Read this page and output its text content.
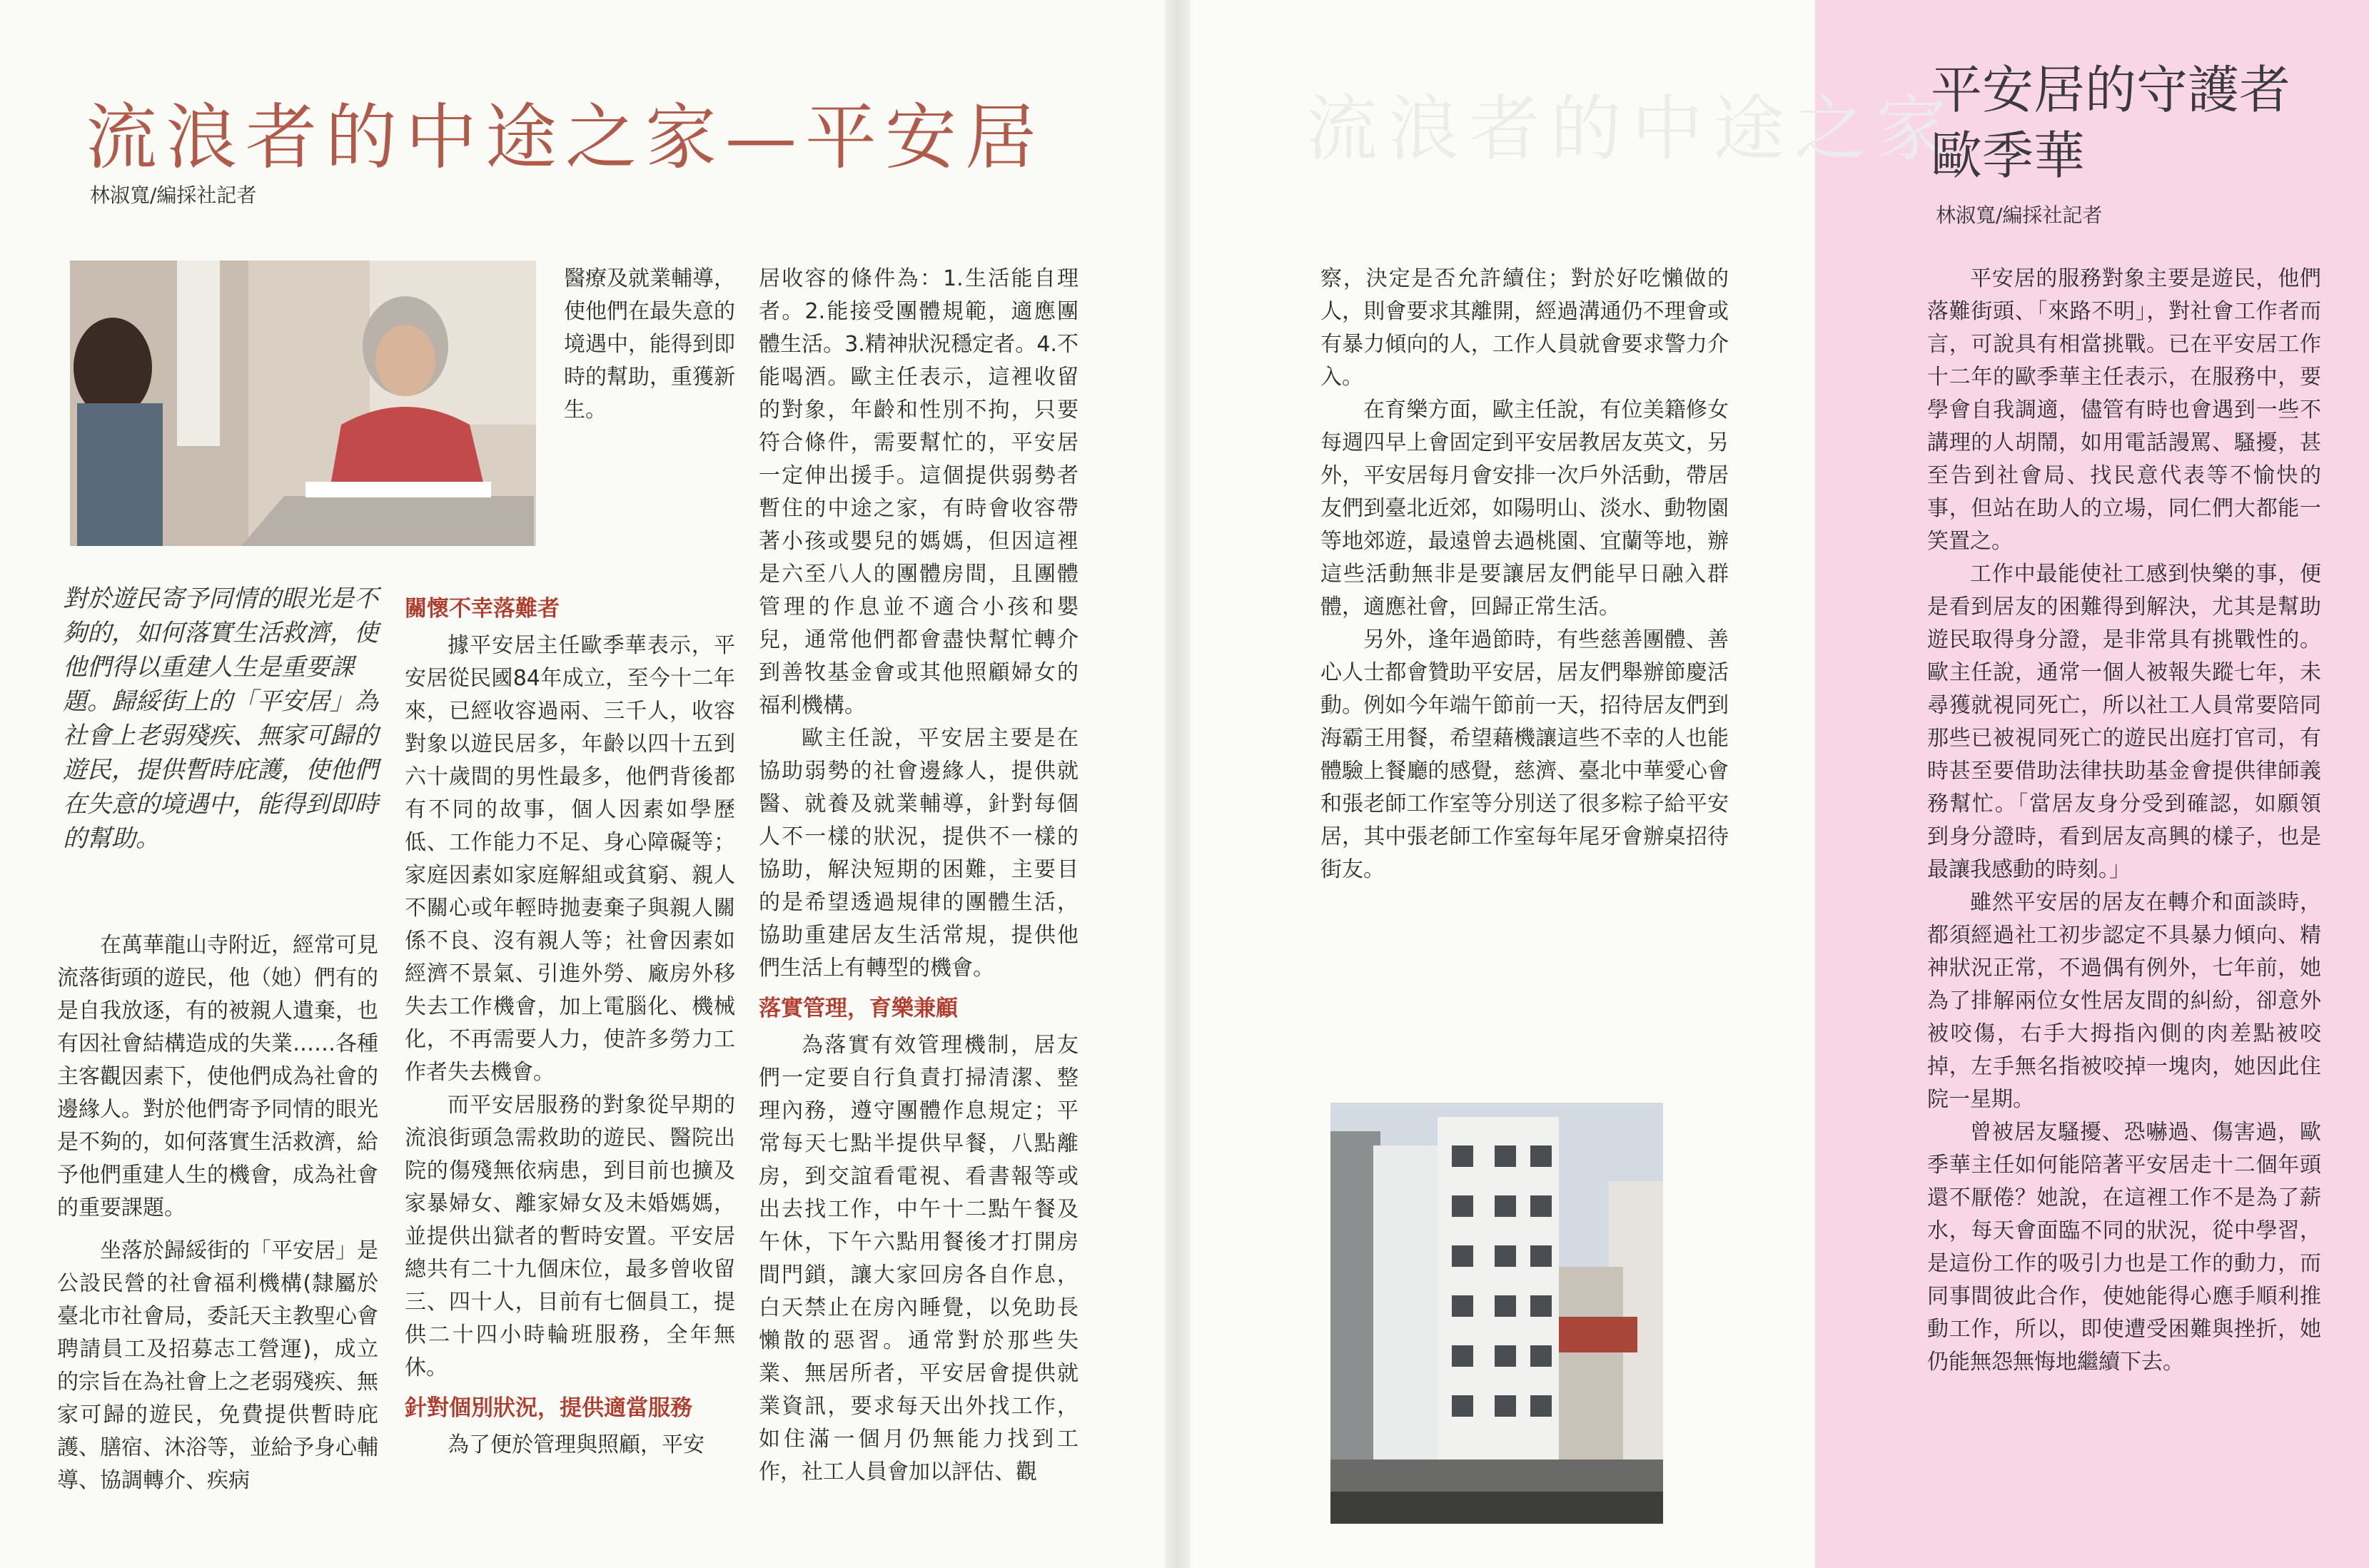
流浪者的中途之家—平安居
林淑寬/編採社記者
對於遊民寄予同情的眼光是不夠的，如何落實生活救濟，使他們得以重建人生是重要課題。歸綏街上的「平安居」為社會上老弱殘疾、無家可歸的遊民，提供暫時庇護，使他們在失意的境遇中，能得到即時的幫助。

在萬華龍山寺附近，經常可見流落街頭的遊民，他（她）們有的是自我放逐，有的被親人遺棄，也有因社會結構造成的失業……各種主客觀因素下，使他們成為社會的邊緣人。對於他們寄予同情的眼光是不夠的，如何落實生活救濟，給予他們重建人生的機會，成為社會的重要課題。

坐落於歸綏街的「平安居」是公設民營的社會福利機構(隸屬於臺北市社會局，委託天主教聖心會聘請員工及招募志工營運)，成立的宗旨在為社會上之老弱殘疾、無家可歸的遊民，免費提供暫時庇護、膳宿、沐浴等，並給予身心輔導、協調轉介、疾病

醫療及就業輔導，使他們在最失意的境遇中，能得到即時的幫助，重獲新生。

關懷不幸落難者

據平安居主任歐季華表示，平安居從民國84年成立，至今十二年來，已經收容過兩、三千人，收容對象以遊民居多，年齡以四十五到六十歲間的男性最多，他們背後都有不同的故事，個人因素如學歷低、工作能力不足、身心障礙等；家庭因素如家庭解組或貧窮、親人不關心或年輕時拋妻棄子與親人關係不良、沒有親人等；社會因素如經濟不景氣、引進外勞、廠房外移失去工作機會，加上電腦化、機械化，不再需要人力，使許多勞力工作者失去機會。

而平安居服務的對象從早期的流浪街頭急需救助的遊民、醫院出院的傷殘無依病患，到目前也擴及家暴婦女、離家婦女及未婚媽媽，並提供出獄者的暫時安置。平安居總共有二十九個床位，最多曾收留三、四十人，目前有七個員工，提供二十四小時輪班服務，全年無休。

針對個別狀況，提供適當服務

為了便於管理與照顧，平安

居收容的條件為：1.生活能自理者。2.能接受團體規範，適應團體生活。3.精神狀況穩定者。4.不能喝酒。歐主任表示，這裡收留的對象，年齡和性別不拘，只要符合條件，需要幫忙的，平安居一定伸出援手。這個提供弱勢者暫住的中途之家，有時會收容帶著小孩或嬰兒的媽媽，但因這裡是六至八人的團體房間，且團體管理的作息並不適合小孩和嬰兒，通常他們都會盡快幫忙轉介到善牧基金會或其他照顧婦女的福利機構。

歐主任說，平安居主要是在協助弱勢的社會邊緣人，提供就醫、就養及就業輔導，針對每個人不一樣的狀況，提供不一樣的協助，解決短期的困難，主要目的是希望透過規律的團體生活，協助重建居友生活常規，提供他們生活上有轉型的機會。

落實管理，育樂兼顧

為落實有效管理機制，居友們一定要自行負責打掃清潔、整理內務，遵守團體作息規定；平常每天七點半提供早餐，八點離房，到交誼看電視、看書報等或出去找工作，中午十二點午餐及午休，下午六點用餐後才打開房間門鎖，讓大家回房各自作息，白天禁止在房內睡覺，以免助長懶散的惡習。通常對於那些失業、無居所者，平安居會提供就業資訊，要求每天出外找工作，如住滿一個月仍無能力找到工作，社工人員會加以評估、觀

流浪者的中途之家

察，決定是否允許續住；對於好吃懶做的人，則會要求其離開，經過溝通仍不理會或有暴力傾向的人，工作人員就會要求警力介入。

在育樂方面，歐主任說，有位美籍修女每週四早上會固定到平安居教居友英文，另外，平安居每月會安排一次戶外活動，帶居友們到臺北近郊，如陽明山、淡水、動物園等地郊遊，最遠曾去過桃園、宜蘭等地，辦這些活動無非是要讓居友們能早日融入群體，適應社會，回歸正常生活。

另外，逢年過節時，有些慈善團體、善心人士都會贊助平安居，居友們舉辦節慶活動。例如今年端午節前一天，招待居友們到海霸王用餐，希望藉機讓這些不幸的人也能體驗上餐廳的感覺，慈濟、臺北中華愛心會和張老師工作室等分別送了很多粽子給平安居，其中張老師工作室每年尾牙會辦桌招待街友。

平安居的守護者
歐季華
林淑寬/編採社記者

平安居的服務對象主要是遊民，他們落難街頭、「來路不明」，對社會工作者而言，可說具有相當挑戰。已在平安居工作十二年的歐季華主任表示，在服務中，要學會自我調適，儘管有時也會遇到一些不講理的人胡鬧，如用電話謾罵、騷擾，甚至告到社會局、找民意代表等不愉快的事，但站在助人的立場，同仁們大都能一笑置之。

工作中最能使社工感到快樂的事，便是看到居友的困難得到解決，尤其是幫助遊民取得身分證，是非常具有挑戰性的。歐主任說，通常一個人被報失蹤七年，未尋獲就視同死亡，所以社工人員常要陪同那些已被視同死亡的遊民出庭打官司，有時甚至要借助法律扶助基金會提供律師義務幫忙。「當居友身分受到確認，如願領到身分證時，看到居友高興的樣子，也是最讓我感動的時刻。」

雖然平安居的居友在轉介和面談時，都須經過社工初步認定不具暴力傾向、精神狀況正常，不過偶有例外，七年前，她為了排解兩位女性居友間的糾紛，卻意外被咬傷，右手大拇指內側的肉差點被咬掉，左手無名指被咬掉一塊肉，她因此住院一星期。

曾被居友騷擾、恐嚇過、傷害過，歐季華主任如何能陪著平安居走十二個年頭還不厭倦？她說，在這裡工作不是為了薪水，每天會面臨不同的狀況，從中學習，是這份工作的吸引力也是工作的動力，而同事間彼此合作，使她能得心應手順利推動工作，所以，即使遭受困難與挫折，她仍能無怨無悔地繼續下去。
